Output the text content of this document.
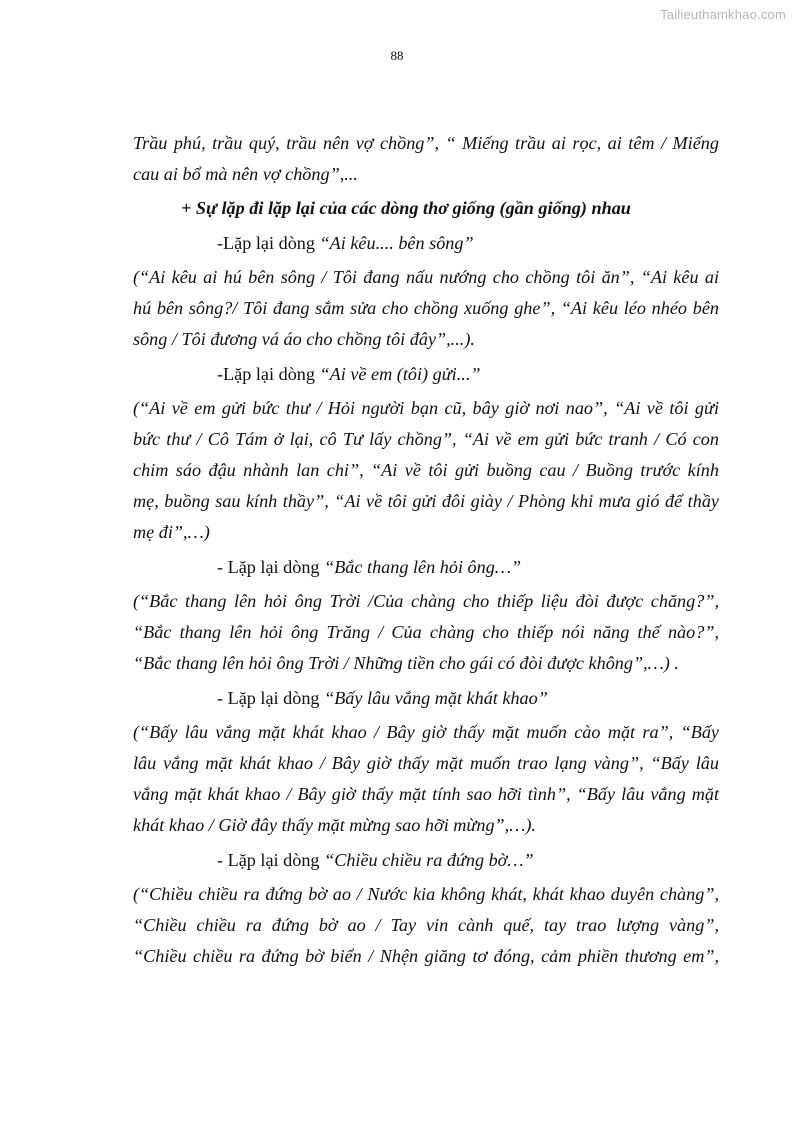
Tailieuthamkhao.com
88

Trầu phú, trầu quý, trầu nên vợ chồng”, “ Miếng trầu ai rọc, ai têm / Miếng

cau ai bổ mà nên vợ chồng”,...

+ Sự lặp đi lặp lại của các dòng thơ giống (gần giống) nhau

-Lặp lại dòng “Ai kêu.... bên sông”

(“Ai kêu ai hú bên sông / Tôi đang nấu nướng cho chồng tôi ăn”, “Ai kêu ai

hú bên sông?/ Tôi đang sắm sửa cho chồng xuống ghe”, “Ai kêu léo nhéo bên

sông / Tôi đương vá áo cho chồng tôi đây”,...).

-Lặp lại dòng “Ai về em (tôi) gửi...”

(“Ai về em gửi bức thư / Hỏi người bạn cũ, bây giờ nơi nao”, “Ai về tôi gửi

bức thư / Cô Tám ở lại, cô Tư lấy chồng”, “Ai về em gửi bức tranh / Có con

chim sáo đậu nhành lan chi”, “Ai về tôi gửi buồng cau / Buồng trước kính

mẹ, buồng sau kính thầy”, “Ai về tôi gửi đôi giày / Phòng khi mưa gió để thầy

mẹ đi”,…)

- Lặp lại dòng “Bắc thang lên hỏi ông…”

(“Bắc thang lên hỏi ông Trời /Của chàng cho thiếp liệu đòi được chăng?”,

“Bắc thang lên hỏi ông Trăng / Của chàng cho thiếp nói năng thế nào?”,

“Bắc thang lên hỏi ông Trời / Những tiền cho gái có đòi được không”,…) .

- Lặp lại dòng “Bấy lâu vắng mặt khát khao”

(“Bấy lâu vắng mặt khát khao / Bây giờ thấy mặt muốn cào mặt ra”, “Bấy

lâu vắng mặt khát khao / Bây giờ thấy mặt muốn trao lạng vàng”, “Bấy lâu

vắng mặt khát khao / Bây giờ thấy mặt tính sao hỡi tình”, “Bấy lâu vắng mặt

khát khao / Giờ đây thấy mặt mừng sao hỡi mừng”,…).

- Lặp lại dòng “Chiều chiều ra đứng bờ…”

(“Chiều chiều ra đứng bờ ao / Nước kia không khát, khát khao duyên chàng”,

“Chiều chiều ra đứng bờ ao / Tay vin cành quế, tay trao lượng vàng”,

“Chiều chiều ra đứng bờ biển / Nhện giăng tơ đóng, cảm phiền thương em”,
